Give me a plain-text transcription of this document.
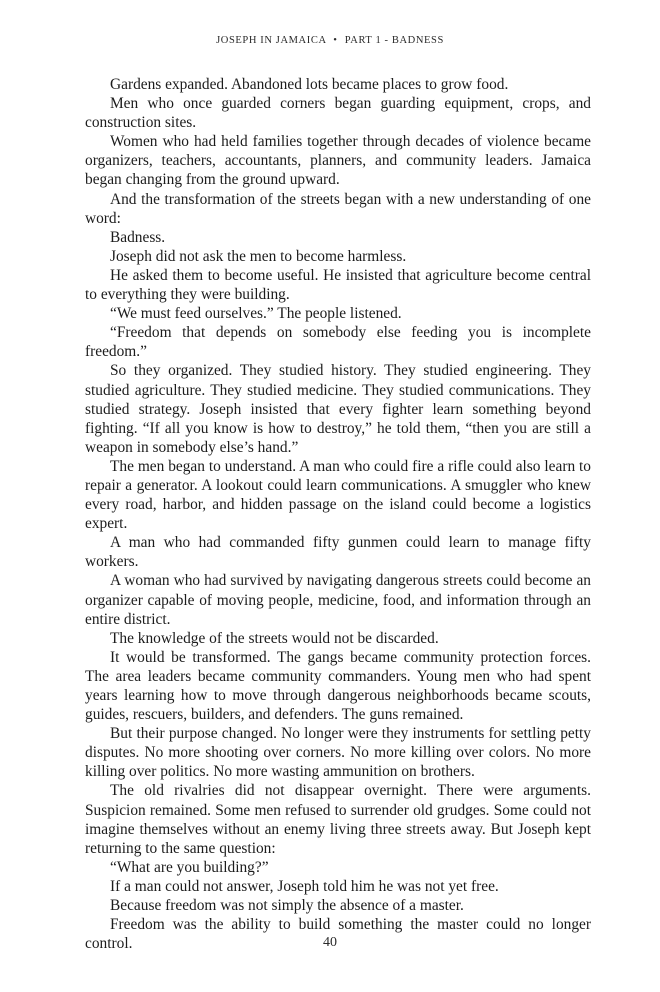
JOSEPH IN JAMAICA • PART 1 - BADNESS

Gardens expanded. Abandoned lots became places to grow food.

Men who once guarded corners began guarding equipment, crops, and construction sites.

Women who had held families together through decades of violence became organizers, teachers, accountants, planners, and community leaders. Jamaica began changing from the ground upward.

And the transformation of the streets began with a new understanding of one word:

Badness.

Joseph did not ask the men to become harmless.

He asked them to become useful. He insisted that agriculture become central to everything they were building.

“We must feed ourselves.” The people listened.

“Freedom that depends on somebody else feeding you is incomplete freedom.”

So they organized. They studied history. They studied engineering. They studied agriculture. They studied medicine. They studied communications. They studied strategy. Joseph insisted that every fighter learn something beyond fighting. “If all you know is how to destroy,” he told them, “then you are still a weapon in somebody else’s hand.”

The men began to understand. A man who could fire a rifle could also learn to repair a generator. A lookout could learn communications. A smuggler who knew every road, harbor, and hidden passage on the island could become a logistics expert.

A man who had commanded fifty gunmen could learn to manage fifty workers.

A woman who had survived by navigating dangerous streets could become an organizer capable of moving people, medicine, food, and information through an entire district.

The knowledge of the streets would not be discarded.

It would be transformed. The gangs became community protection forces. The area leaders became community commanders. Young men who had spent years learning how to move through dangerous neighborhoods became scouts, guides, rescuers, builders, and defenders. The guns remained.

But their purpose changed. No longer were they instruments for settling petty disputes. No more shooting over corners. No more killing over colors. No more killing over politics. No more wasting ammunition on brothers.

The old rivalries did not disappear overnight. There were arguments. Suspicion remained. Some men refused to surrender old grudges. Some could not imagine themselves without an enemy living three streets away. But Joseph kept returning to the same question:

“What are you building?”

If a man could not answer, Joseph told him he was not yet free.

Because freedom was not simply the absence of a master.

Freedom was the ability to build something the master could no longer control.	40
